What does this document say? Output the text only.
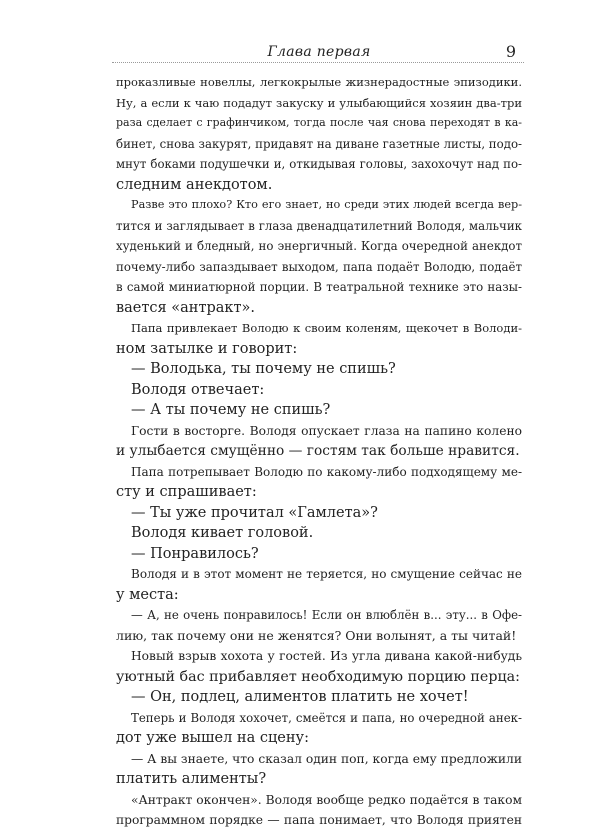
Глава первая	9
прокaзливые новеллы, легкокрылые жизнерадостные эпизодики.
Ну, а если к чаю подадут закуску и улыбающийся хозяин два-три
раза сделает с графинчиком, тогда после чая снова переходят в ка-
бинет, снова закурят, придавят на диване газетные листы, подо-
мнут боками подушечки и, откидывая головы, захохочут над по-
следним анекдотом.
Разве это плохо? Кто его знает, но среди этих людей всегда вер-
тится и заглядывает в глаза двенадцатилетний Володя, мальчик
худенький и бледный, но энергичный. Когда очередной анекдот
почему-либо запаздывает выходом, папа подаёт Володю, подаёт
в самой миниатюрной порции. В театральной технике это назы-
вается «антракт».
Папа привлекает Володю к своим коленям, щекочет в Володи-
ном затылке и говорит:
— Володька, ты почему не спишь?
Володя отвечает:
— А ты почему не спишь?
Гости в восторге. Володя опускает глаза на папино колено
и улыбается смущённо — гостям так больше нравится.
Папа потрепывает Володю по какому-либо подходящему ме-
сту и спрашивает:
— Ты уже прочитал «Гамлета»?
Володя кивает головой.
— Понравилось?
Володя и в этот момент не теряется, но смущение сейчас не
у места:
— А, не очень понравилось! Если он влюблён в... эту... в Офе-
лию, так почему они не женятся? Они волынят, а ты читай!
Новый взрыв хохота у гостей. Из угла дивана какой-нибудь
уютный бас прибавляет необходимую порцию перца:
— Он, подлец, алиментов платить не хочет!
Теперь и Володя хохочет, смеётся и папа, но очередной анек-
дот уже вышел на сцену:
— А вы знаете, что сказал один поп, когда ему предложили
платить алименты?
«Антракт окончен». Володя вообще редко подаётся в таком
программном порядке — папа понимает, что Володя приятен
